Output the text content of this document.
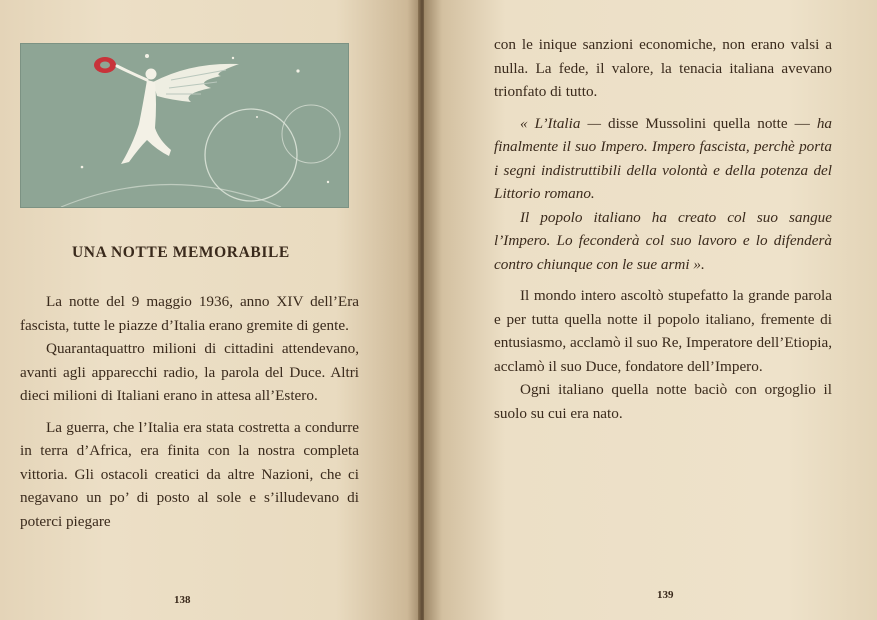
UNA NOTTE MEMORABILE

La notte del 9 maggio 1936, anno XIV dell’Era fascista, tutte le piazze d’Italia erano gremite di gente.

Quarantaquattro milioni di cittadini attendevano, avanti agli apparecchi radio, la parola del Duce. Altri dieci milioni di Italiani erano in attesa all’Estero.

La guerra, che l’Italia era stata costretta a condurre in terra d’Africa, era finita con la nostra completa vittoria. Gli ostacoli creatici da altre Nazioni, che ci negavano un po’ di posto al sole e s’illudevano di poterci piegare

138	139

con le inique sanzioni economiche, non erano valsi a nulla. La fede, il valore, la tenacia italiana avevano trionfato di tutto.

« L’Italia — disse Mussolini quella notte — ha finalmente il suo Impero. Impero fascista, perchè porta i segni indistruttibili della volontà e della potenza del Littorio romano.

Il popolo italiano ha creato col suo sangue l’Impero. Lo feconderà col suo lavoro e lo difenderà contro chiunque con le sue armi ».

Il mondo intero ascoltò stupefatto la grande parola e per tutta quella notte il popolo italiano, fremente di entusiasmo, acclamò il suo Re, Imperatore dell’Etiopia, acclamò il suo Duce, fondatore dell’Impero.

Ogni italiano quella notte baciò con orgoglio il suolo su cui era nato.
